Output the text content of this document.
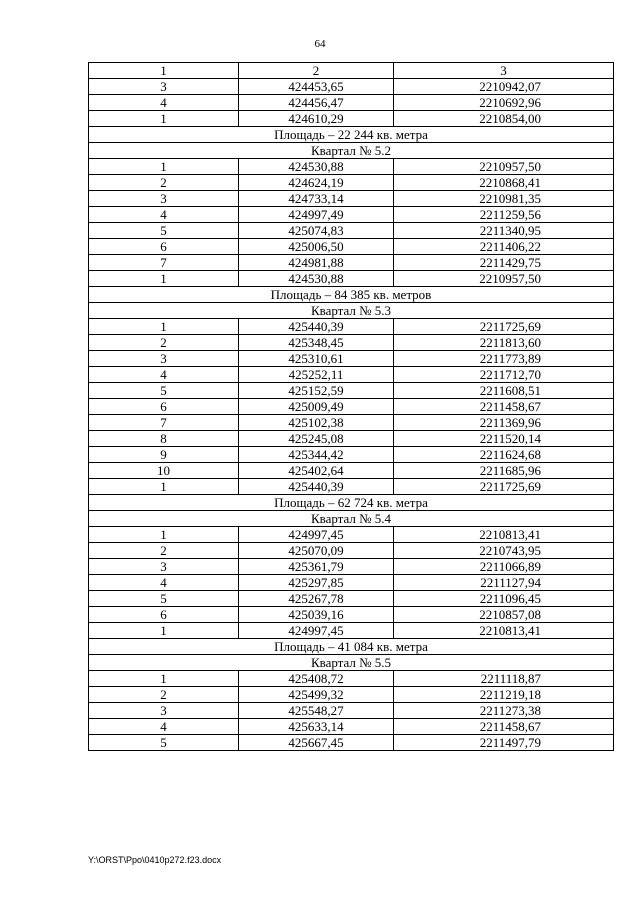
64
1	2	3
3	424453,65	2210942,07
4	424456,47	2210692,96
1	424610,29	2210854,00
Площадь – 22 244 кв. метра		
Квартал № 5.2		
1	424530,88	2210957,50
2	424624,19	2210868,41
3	424733,14	2210981,35
4	424997,49	2211259,56
5	425074,83	2211340,95
6	425006,50	2211406,22
7	424981,88	2211429,75
1	424530,88	2210957,50
Площадь – 84 385 кв. метров		
Квартал № 5.3		
1	425440,39	2211725,69
2	425348,45	2211813,60
3	425310,61	2211773,89
4	425252,11	2211712,70
5	425152,59	2211608,51
6	425009,49	2211458,67
7	425102,38	2211369,96
8	425245,08	2211520,14
9	425344,42	2211624,68
10	425402,64	2211685,96
1	425440,39	2211725,69
Площадь – 62 724 кв. метра		
Квартал № 5.4		
1	424997,45	2210813,41
2	425070,09	2210743,95
3	425361,79	2211066,89
4	425297,85	2211127,94
5	425267,78	2211096,45
6	425039,16	2210857,08
1	424997,45	2210813,41
Площадь – 41 084 кв. метра		
Квартал № 5.5		
1	425408,72	2211118,87
2	425499,32	2211219,18
3	425548,27	2211273,38
4	425633,14	2211458,67
5	425667,45	2211497,79
Y:\ORST\Ppo\0410p272.f23.docx
